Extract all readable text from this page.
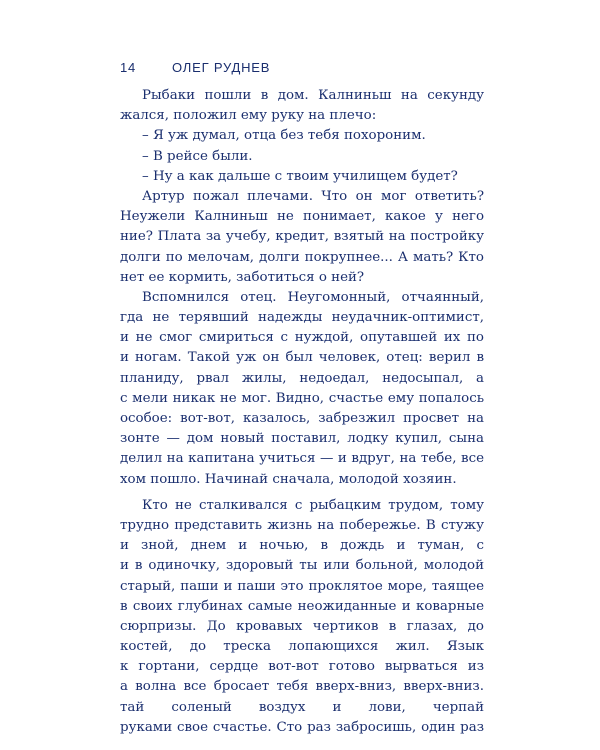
14	ОЛЕГ РУДНЕВ
Рыбаки пошли в дом. Калниньш на секунду
жался, положил ему руку на плечо:
– Я уж думал, отца без тебя похороним.
– В рейсе были.
– Ну а как дальше с твоим училищем будет?
Артур пожал плечами. Что он мог ответить?
Неужели Калниньш не понимает, какое у него
ние? Плата за учебу, кредит, взятый на постройку
долги по мелочам, долги покрупнее... А мать? Кто
нет ее кормить, заботиться о ней?
Вспомнился отец. Неугомонный, отчаянный,
гда не терявший надежды неудачник-оптимист,
и не смог смириться с нуждой, опутавшей их по
и ногам. Такой уж он был человек, отец: верил в
планиду, рвал жилы, недоедал, недосыпал, а
с мели никак не мог. Видно, счастье ему попалось
особое: вот-вот, казалось, забрезжил просвет на
зонте — дом новый поставил, лодку купил, сына
делил на капитана учиться — и вдруг, на тебе, все
хом пошло. Начинай сначала, молодой хозяин.
Кто не сталкивался с рыбацким трудом, тому
трудно представить жизнь на побережье. В стужу
и зной, днем и ночью, в дождь и туман, с
и в одиночку, здоровый ты или больной, молодой
старый, паши и паши это проклятое море, таящее
в своих глубинах самые неожиданные и коварные
сюрпризы. До кровавых чертиков в глазах, до
костей, до треска лопающихся жил. Язык
к гортани, сердце вот-вот готово вырваться из
а волна все бросает тебя вверх-вниз, вверх-вниз.
тай соленый воздух и лови, черпай
руками свое счастье. Сто раз забросишь, один раз
